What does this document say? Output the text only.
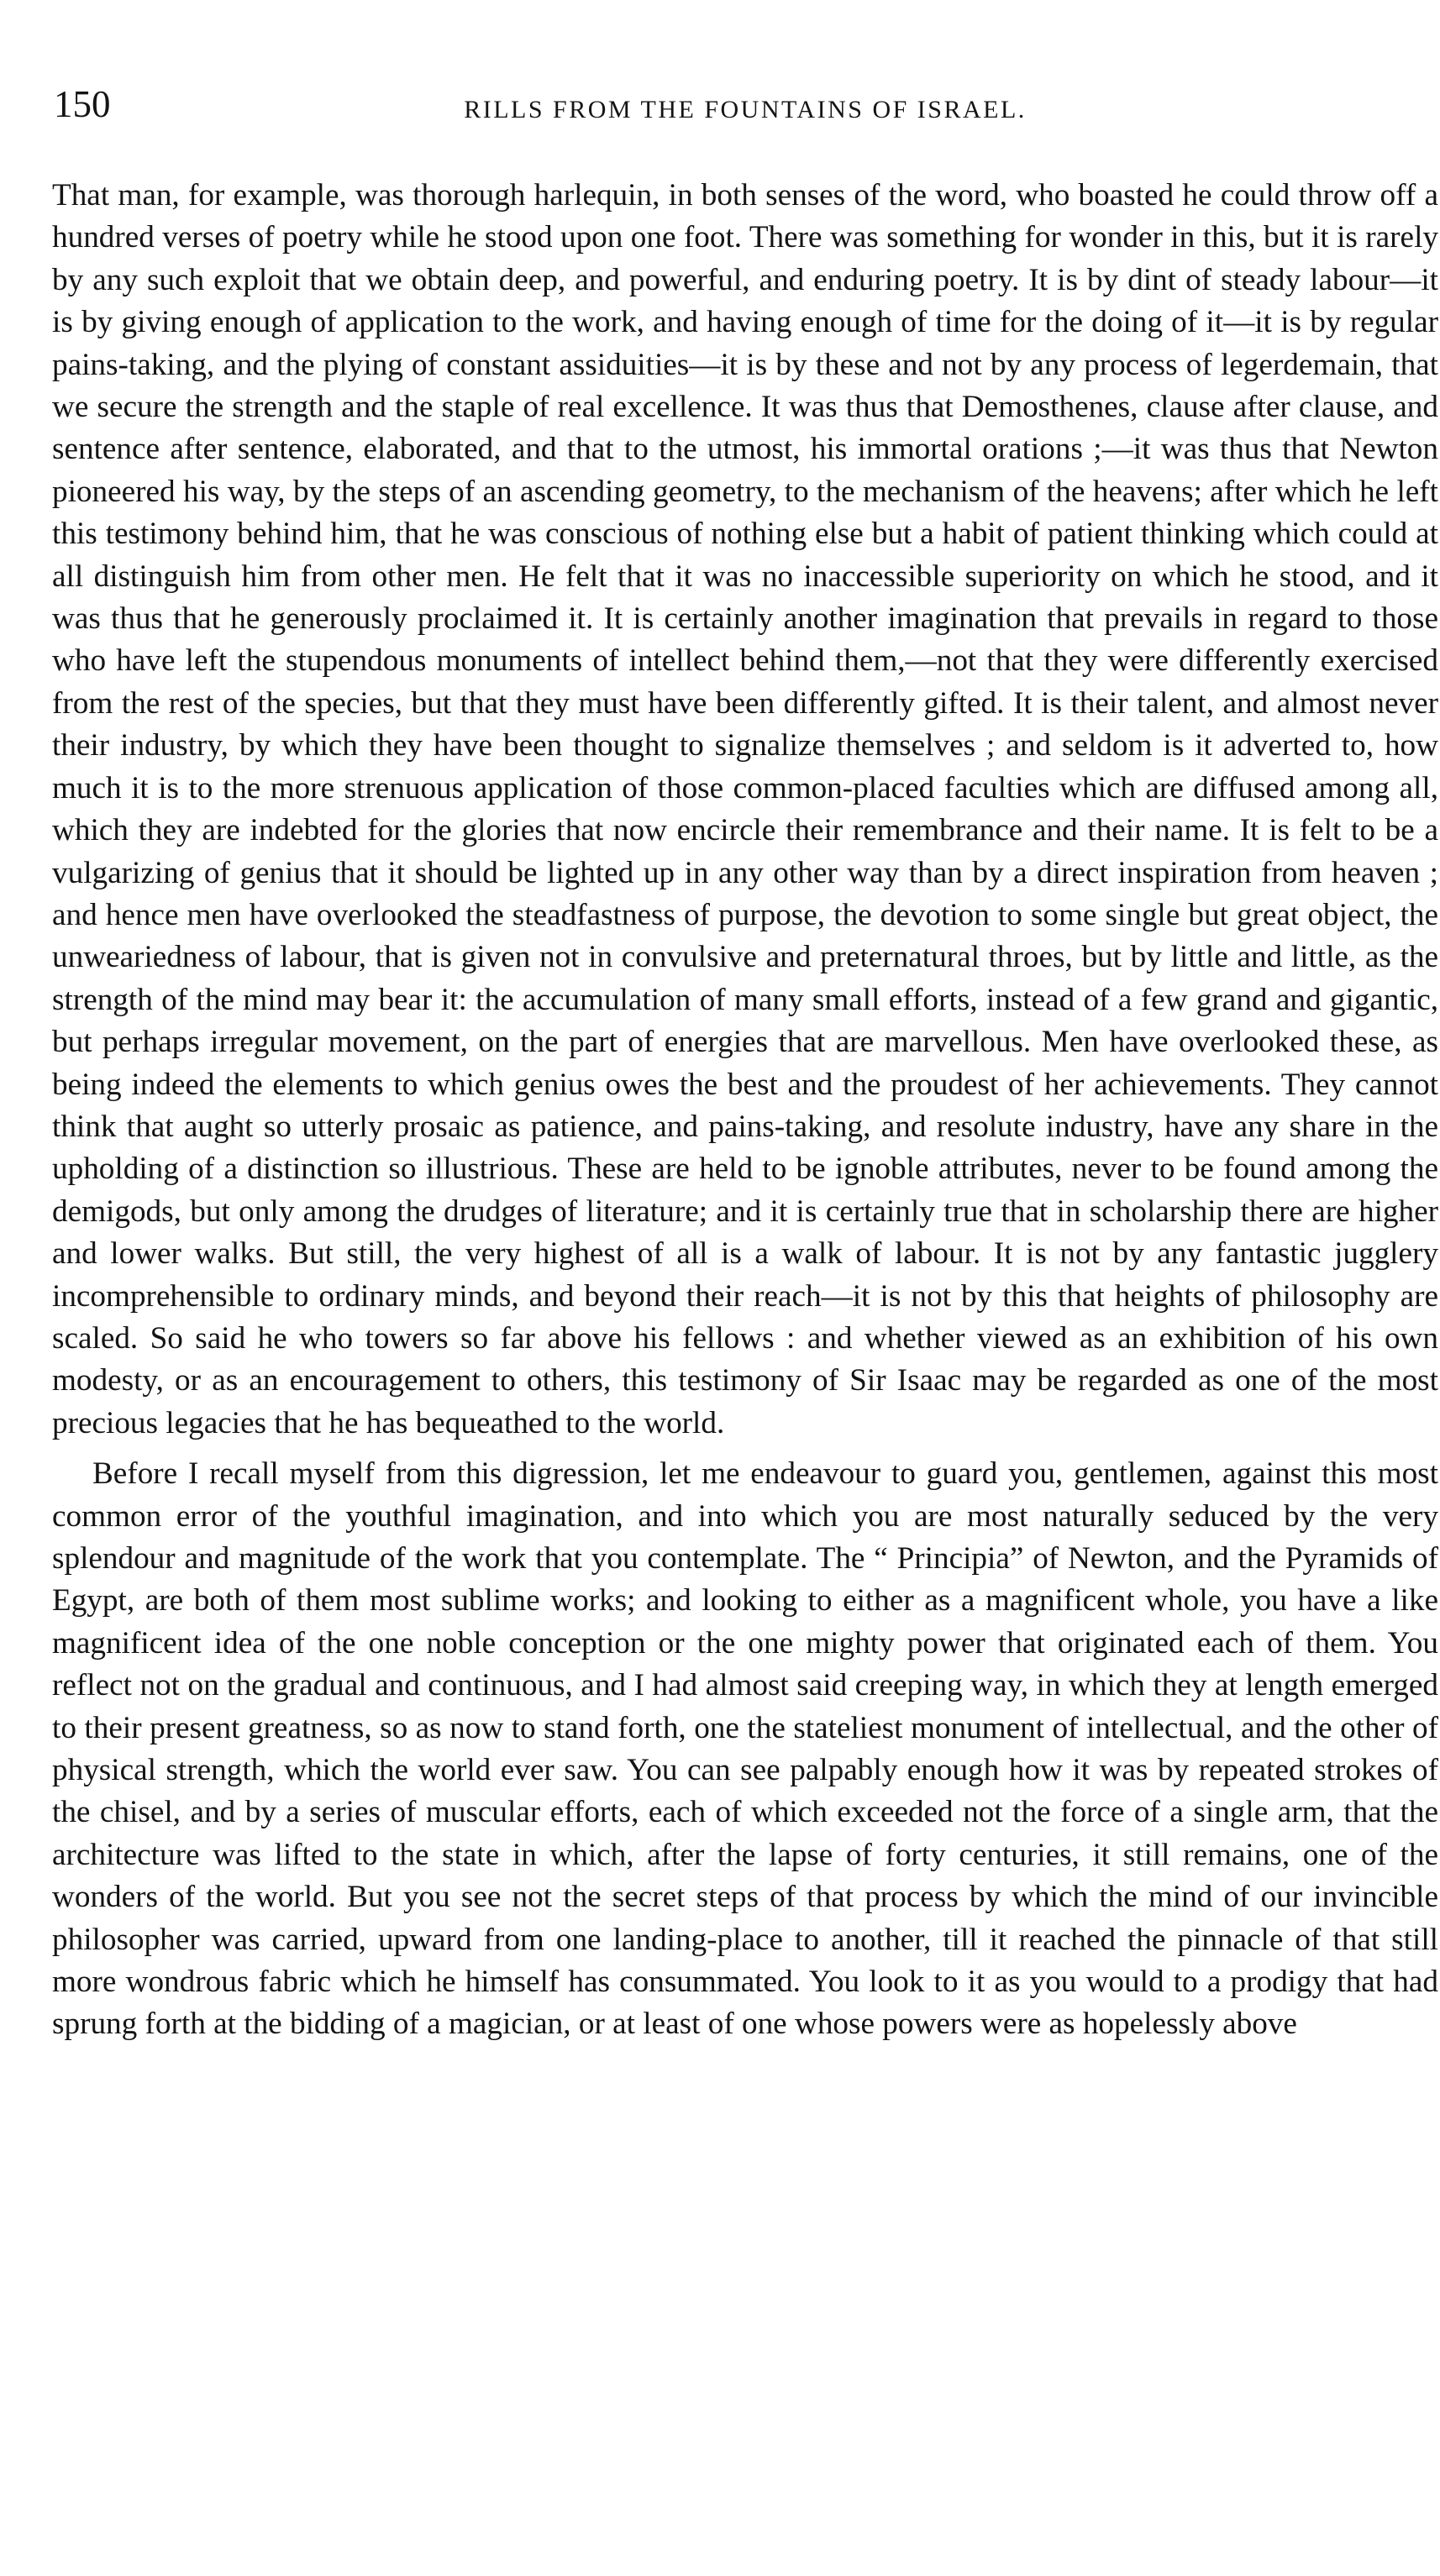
150	RILLS FROM THE FOUNTAINS OF ISRAEL.

That man, for example, was thorough harlequin, in both senses of the word, who boasted he could throw off a hundred verses of poetry while he stood upon one foot. There was something for wonder in this, but it is rarely by any such exploit that we obtain deep, and powerful, and enduring poetry. It is by dint of steady labour—it is by giving enough of application to the work, and having enough of time for the doing of it—it is by regular pains-taking, and the plying of constant assiduities—it is by these and not by any process of legerdemain, that we secure the strength and the staple of real excellence. It was thus that Demosthenes, clause after clause, and sentence after sentence, elaborated, and that to the utmost, his immortal orations ;—it was thus that Newton pioneered his way, by the steps of an ascending geometry, to the mechanism of the heavens; after which he left this testimony behind him, that he was conscious of nothing else but a habit of patient thinking which could at all distinguish him from other men. He felt that it was no inaccessible superiority on which he stood, and it was thus that he generously proclaimed it. It is certainly another imagination that prevails in regard to those who have left the stupendous monuments of intellect behind them,—not that they were differently exercised from the rest of the species, but that they must have been differently gifted. It is their talent, and almost never their industry, by which they have been thought to signalize themselves ; and seldom is it adverted to, how much it is to the more strenuous application of those common-placed faculties which are diffused among all, which they are indebted for the glories that now encircle their remembrance and their name. It is felt to be a vulgarizing of genius that it should be lighted up in any other way than by a direct inspiration from heaven ; and hence men have overlooked the steadfastness of purpose, the devotion to some single but great object, the unweariedness of labour, that is given not in convulsive and preternatural throes, but by little and little, as the strength of the mind may bear it: the accumulation of many small efforts, instead of a few grand and gigantic, but perhaps irregular movement, on the part of energies that are marvellous. Men have overlooked these, as being indeed the elements to which genius owes the best and the proudest of her achievements. They cannot think that aught so utterly prosaic as patience, and pains-taking, and resolute industry, have any share in the upholding of a distinction so illustrious. These are held to be ignoble attributes, never to be found among the demigods, but only among the drudges of literature; and it is certainly true that in scholarship there are higher and lower walks. But still, the very highest of all is a walk of labour. It is not by any fantastic jugglery incomprehensible to ordinary minds, and beyond their reach—it is not by this that heights of philosophy are scaled. So said he who towers so far above his fellows : and whether viewed as an exhibition of his own modesty, or as an encouragement to others, this testimony of Sir Isaac may be regarded as one of the most precious legacies that he has bequeathed to the world.

Before I recall myself from this digression, let me endeavour to guard you, gentlemen, against this most common error of the youthful imagination, and into which you are most naturally seduced by the very splendour and magnitude of the work that you contemplate. The “ Principia” of Newton, and the Pyramids of Egypt, are both of them most sublime works; and looking to either as a magnificent whole, you have a like magnificent idea of the one noble conception or the one mighty power that originated each of them. You reflect not on the gradual and continuous, and I had almost said creeping way, in which they at length emerged to their present greatness, so as now to stand forth, one the stateliest monument of intellectual, and the other of physical strength, which the world ever saw. You can see palpably enough how it was by repeated strokes of the chisel, and by a series of muscular efforts, each of which exceeded not the force of a single arm, that the architecture was lifted to the state in which, after the lapse of forty centuries, it still remains, one of the wonders of the world. But you see not the secret steps of that process by which the mind of our invincible philosopher was carried, upward from one landing-place to another, till it reached the pinnacle of that still more wondrous fabric which he himself has consummated. You look to it as you would to a prodigy that had sprung forth at the bidding of a magician, or at least of one whose powers were as hopelessly above
